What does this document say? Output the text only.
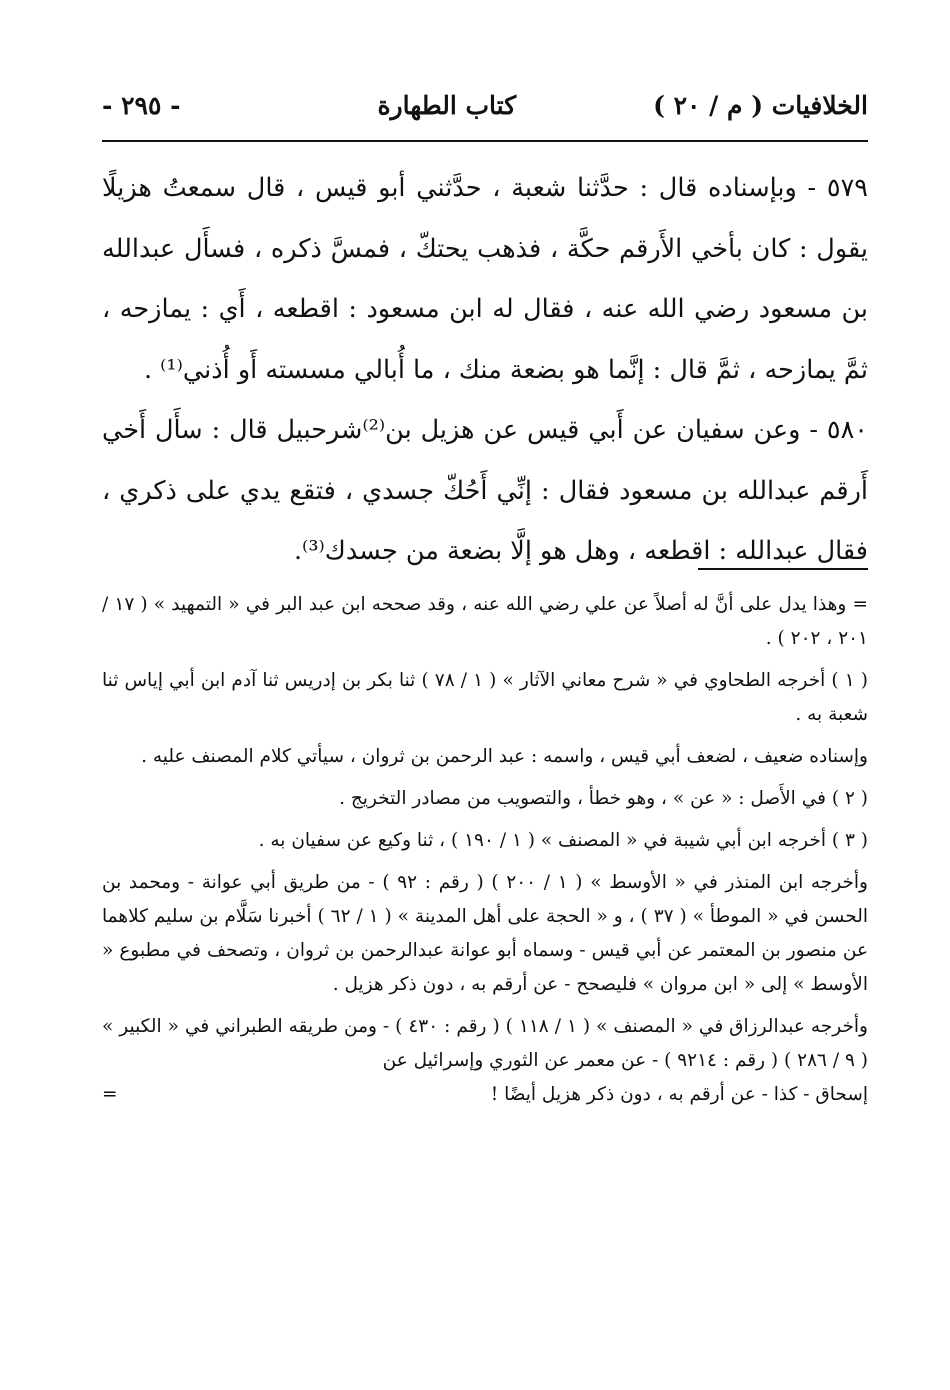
الخلافيات ( م / ٢٠ )
كتاب الطهارة
- ٢٩٥ -

٥٧٩ - وبإسناده قال : حدَّثنا شعبة ، حدَّثني أبو قيس ، قال سمعتُ هزيلًا يقول : كان بأخي الأَرقم حكَّة ، فذهب يحتكّ ، فمسَّ ذكره ، فسأَل عبدالله بن مسعود رضي الله عنه ، فقال له ابن مسعود : اقطعه ، أَي : يمازحه ، ثمَّ يمازحه ، ثمَّ قال : إنَّما هو بضعة منك ، ما أُبالي مسسته أَو أُذني⁽¹⁾ .

٥٨٠ - وعن سفيان عن أَبي قيس عن هزيل بن⁽²⁾شرحبيل قال : سأَل أَخي أَرقم عبدالله بن مسعود فقال : إنِّي أَحُكّ جسدي ، فتقع يدي على ذكري ، فقال عبدالله : اقطعه ، وهل هو إلَّا بضعة من جسدك⁽³⁾.

= وهذا يدل على أنَّ له أصلاً عن علي رضي الله عنه ، وقد صححه ابن عبد البر في « التمهيد » ( ١٧ / ٢٠١ ، ٢٠٢ ) .

( ١ ) أخرجه الطحاوي في « شرح معاني الآثار » ( ١ / ٧٨ ) ثنا بكر بن إدريس ثنا آدم ابن أبي إياس ثنا شعبة به .

وإسناده ضعيف ، لضعف أبي قيس ، واسمه : عبد الرحمن بن ثروان ، سيأتي كلام المصنف عليه .

( ٢ ) في الأَصل : « عن » ، وهو خطأ ، والتصويب من مصادر التخريج .

( ٣ ) أخرجه ابن أبي شيبة في « المصنف » ( ١ / ١٩٠ ) ، ثنا وكيع عن سفيان به .

وأخرجه ابن المنذر في « الأوسط » ( ١ / ٢٠٠ ) ( رقم : ٩٢ ) - من طريق أبي عوانة - ومحمد بن الحسن في « الموطأ » ( ٣٧ ) ، و « الحجة على أهل المدينة » ( ١ / ٦٢ ) أخبرنا سَلَّام بن سليم كلاهما عن منصور بن المعتمر عن أبي قيس - وسماه أبو عوانة عبدالرحمن بن ثروان ، وتصحف في مطبوع « الأوسط » إلى « ابن مروان » فليصحح - عن أرقم به ، دون ذكر هزيل .

وأخرجه عبدالرزاق في « المصنف » ( ١ / ١١٨ ) ( رقم : ٤٣٠ ) - ومن طريقه الطبراني في « الكبير » ( ٩ / ٢٨٦ ) ( رقم : ٩٢١٤ ) - عن معمر عن الثوري وإسرائيل عن

إسحاق - كذا - عن أرقم به ، دون ذكر هزيل أيضًا !
=
